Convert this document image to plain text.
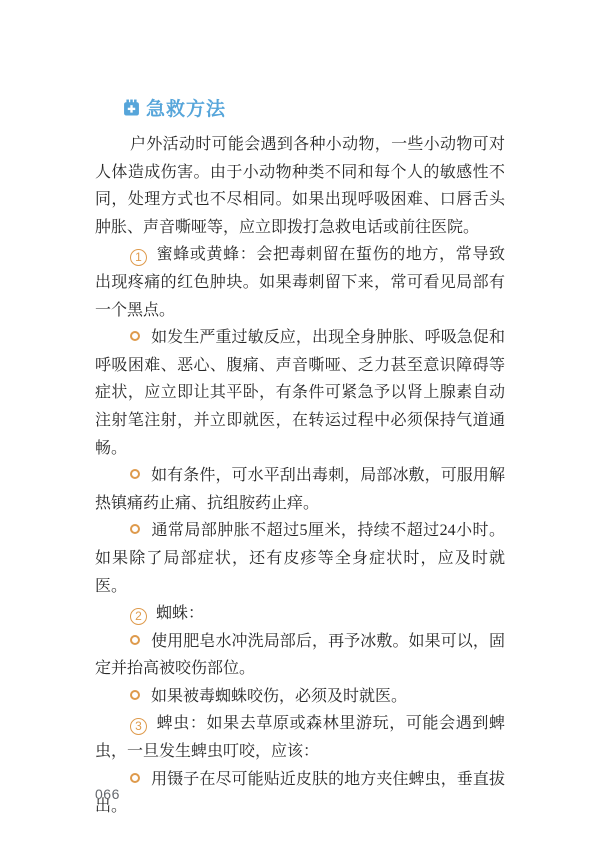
急救方法

户外活动时可能会遇到各种小动物，一些小动物可对人体造成伤害。由于小动物种类不同和每个人的敏感性不同，处理方式也不尽相同。如果出现呼吸困难、口唇舌头肿胀、声音嘶哑等，应立即拨打急救电话或前往医院。

1 蜜蜂或黄蜂：会把毒刺留在蜇伤的地方，常导致出现疼痛的红色肿块。如果毒刺留下来，常可看见局部有一个黑点。

如发生严重过敏反应，出现全身肿胀、呼吸急促和呼吸困难、恶心、腹痛、声音嘶哑、乏力甚至意识障碍等症状，应立即让其平卧，有条件可紧急予以肾上腺素自动注射笔注射，并立即就医，在转运过程中必须保持气道通畅。

如有条件，可水平刮出毒刺，局部冰敷，可服用解热镇痛药止痛、抗组胺药止痒。

通常局部肿胀不超过5厘米，持续不超过24小时。如果除了局部症状，还有皮疹等全身症状时，应及时就医。

2 蜘蛛：

使用肥皂水冲洗局部后，再予冰敷。如果可以，固定并抬高被咬伤部位。

如果被毒蜘蛛咬伤，必须及时就医。

3 蜱虫：如果去草原或森林里游玩，可能会遇到蜱虫，一旦发生蜱虫叮咬，应该：

用镊子在尽可能贴近皮肤的地方夹住蜱虫，垂直拔出。

066
